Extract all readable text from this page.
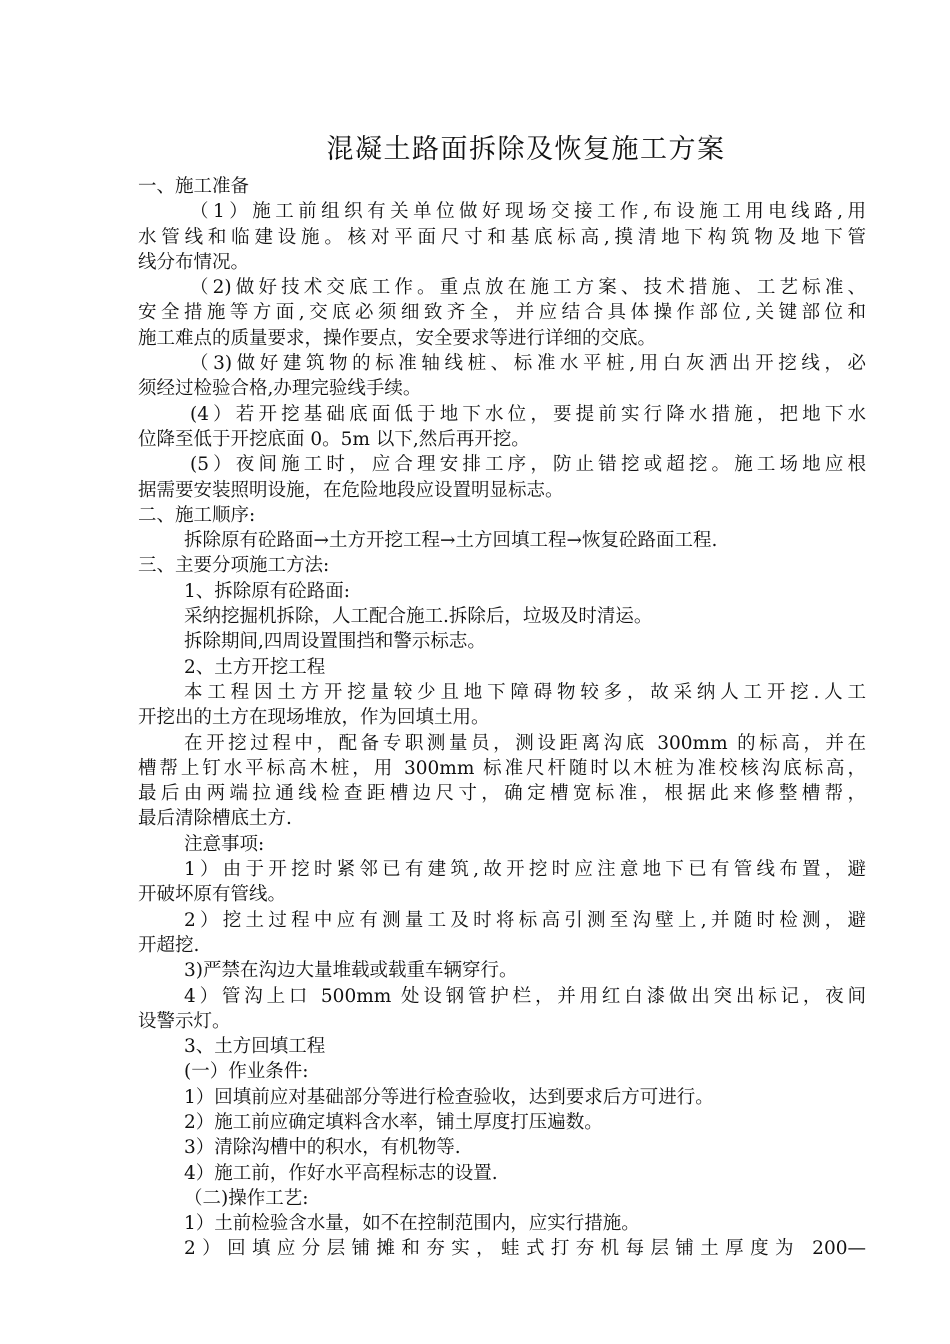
混凝土路面拆除及恢复施工方案
一、施工准备
（1）施工前组织有关单位做好现场交接工作,布设施工用电线路,用
水管线和临建设施。核对平面尺寸和基底标高,摸清地下构筑物及地下管
线分布情况。
（2)做好技术交底工作。重点放在施工方案、技术措施、工艺标准、
安全措施等方面,交底必须细致齐全，并应结合具体操作部位,关键部位和
施工难点的质量要求，操作要点，安全要求等进行详细的交底。
（3)做好建筑物的标准轴线桩、标准水平桩,用白灰洒出开挖线，必
须经过检验合格,办理完验线手续。
(4）若开挖基础底面低于地下水位，要提前实行降水措施，把地下水
位降至低于开挖底面 0。5m 以下,然后再开挖。
(5）夜间施工时，应合理安排工序，防止错挖或超挖。施工场地应根
据需要安装照明设施，在危险地段应设置明显标志。
二、施工顺序:
拆除原有砼路面→土方开挖工程→土方回填工程→恢复砼路面工程.
三、主要分项施工方法:
1、拆除原有砼路面:
采纳挖掘机拆除，人工配合施工.拆除后，垃圾及时清运。
拆除期间,四周设置围挡和警示标志。
2、土方开挖工程
本工程因土方开挖量较少且地下障碍物较多，故采纳人工开挖.人工
开挖出的土方在现场堆放，作为回填土用。
在开挖过程中，配备专职测量员，测设距离沟底 300mm 的标高，并在
槽帮上钉水平标高木桩，用 300mm 标准尺杆随时以木桩为准校核沟底标高，
最后由两端拉通线检查距槽边尺寸，确定槽宽标准，根据此来修整槽帮，
最后清除槽底土方.
注意事项:
1）由于开挖时紧邻已有建筑,故开挖时应注意地下已有管线布置，避
开破坏原有管线。
2）挖土过程中应有测量工及时将标高引测至沟壁上,并随时检测，避
开超挖.
3)严禁在沟边大量堆载或载重车辆穿行。
4）管沟上口 500mm 处设钢管护栏，并用红白漆做出突出标记，夜间
设警示灯。
3、土方回填工程
(一）作业条件:
1）回填前应对基础部分等进行检查验收，达到要求后方可进行。
2）施工前应确定填料含水率，铺土厚度打压遍数。
3）清除沟槽中的积水，有机物等.
4）施工前，作好水平高程标志的设置.
（二)操作工艺:
1）土前检验含水量，如不在控制范围内，应实行措施。
2）回填应分层铺摊和夯实，蛙式打夯机每层铺土厚度为 200—
